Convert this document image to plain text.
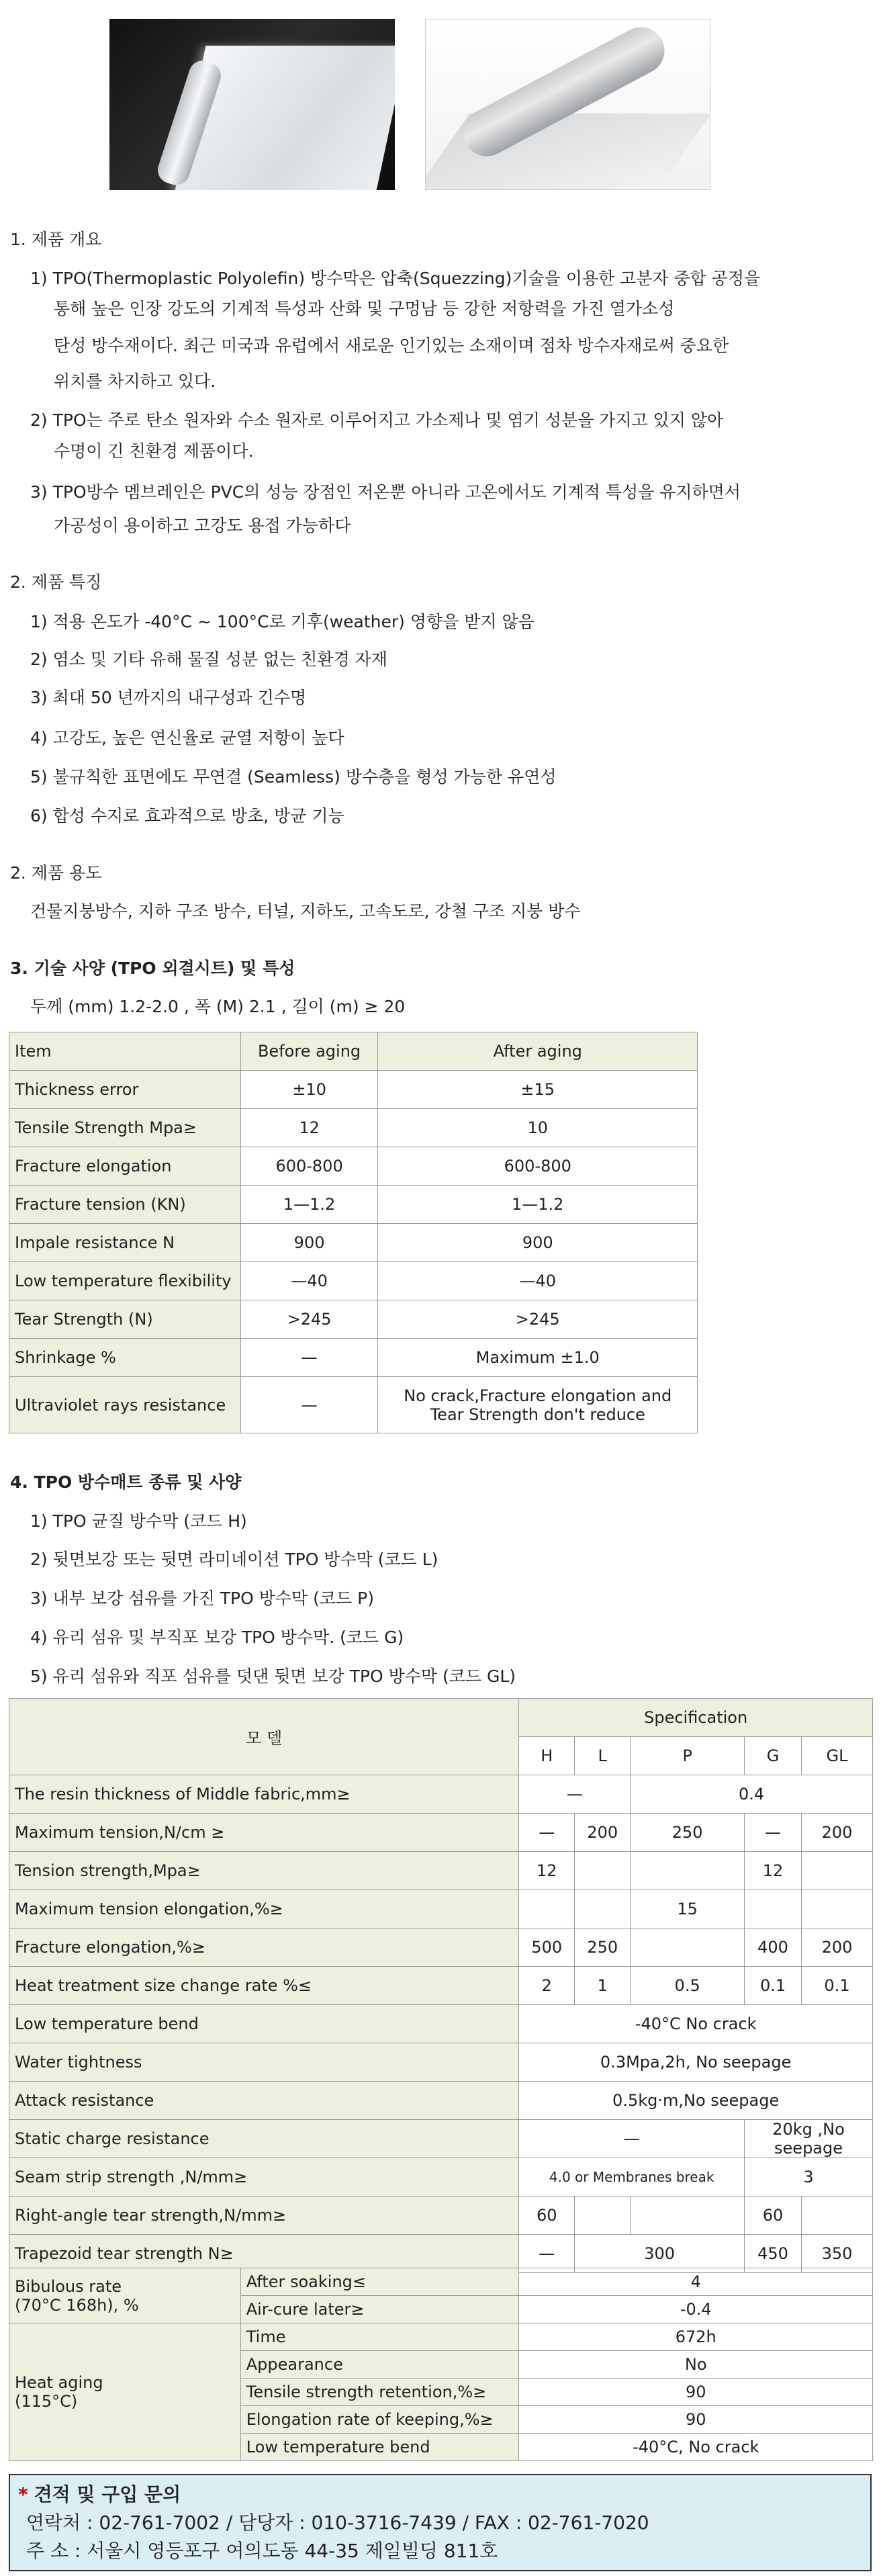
1. 제품 개요
1) TPO(Thermoplastic Polyolefin) 방수막은 압축(Squezzing)기술을 이용한 고분자 중합 공정을
통해 높은 인장 강도의 기계적 특성과 산화 및 구멍남 등 강한 저항력을 가진 열가소성
탄성 방수재이다. 최근 미국과 유럽에서 새로운 인기있는 소재이며 점차 방수자재로써 중요한
위치를 차지하고 있다.
2) TPO는 주로 탄소 원자와 수소 원자로 이루어지고 가소제나 및 염기 성분을 가지고 있지 않아
수명이 긴 친환경 제품이다.
3) TPO방수 멤브레인은 PVC의 성능 장점인 저온뿐 아니라 고온에서도 기계적 특성을 유지하면서
가공성이 용이하고 고강도 용접 가능하다
2. 제품 특징
1) 적용 온도가 -40°C ~ 100°C로 기후(weather) 영향을 받지 않음
2) 염소 및 기타 유해 물질 성분 없는 친환경 자재
3) 최대 50 년까지의 내구성과 긴수명
4) 고강도, 높은 연신율로 균열 저항이 높다
5) 불규칙한 표면에도 무연결 (Seamless) 방수층을 형성 가능한 유연성
6) 합성 수지로 효과적으로 방초, 방균 기능
2. 제품 용도
건물지붕방수, 지하 구조 방수, 터널, 지하도, 고속도로, 강철 구조 지붕 방수
3. 기술 사양 (TPO 외결시트) 및 특성
두께 (mm) 1.2-2.0 , 폭 (M) 2.1 , 길이 (m) ≥ 20
Item	Before aging	After aging
Thickness error	±10	±15
Tensile Strength Mpa≥	12	10
Fracture elongation	600-800	600-800
Fracture tension (KN)	1—1.2	1—1.2
Impale resistance N	900	900
Low temperature flexibility	—40	—40
Tear Strength (N)	>245	>245
Shrinkage %	—	Maximum ±1.0
Ultraviolet rays resistance	—	No crack,Fracture elongation and
Tear Strength don't reduce
4. TPO 방수매트 종류 및 사양
1) TPO 균질 방수막 (코드 H)
2) 뒷면보강 또는 뒷면 라미네이션 TPO 방수막 (코드 L)
3) 내부 보강 섬유를 가진 TPO 방수막 (코드 P)
4) 유리 섬유 및 부직포 보강 TPO 방수막. (코드 G)
5) 유리 섬유와 직포 섬유를 덧댄 뒷면 보강 TPO 방수막 (코드 GL)
모 델	Specification				
	H	L	P	G	GL
The resin thickness of Middle fabric,mm≥	—		0.4		
Maximum tension,N/cm ≥	—	200	250	—	200
Tension strength,Mpa≥	12			12	
Maximum tension elongation,%≥			15		
Fracture elongation,%≥	500	250		400	200
Heat treatment size change rate %≤	2	1	0.5	0.1	0.1
Low temperature bend	-40°C No crack				
Water tightness	0.3Mpa,2h, No seepage				
Attack resistance	0.5kg·m,No seepage				
Static charge resistance	—			20kg ,No seepage	
Seam strip strength ,N/mm≥	4.0 or Membranes break			3	
Right-angle tear strength,N/mm≥	60			60	
Trapezoid tear strength N≥	—	300		450	350
Bibulous rate
(70°C 168h), %	After soaking≤	4
	Air-cure later≥	-0.4

Heat aging
(115°C)	Time	672h
	Appearance	No
	Tensile strength retention,%≥	90
	Elongation rate of keeping,%≥	90
	Low temperature bend	-40°C, No crack
* 견적 및 구입 문의
연락처 : 02-761-7002 / 담당자 : 010-3716-7439 / FAX : 02-761-7020
주 소 : 서울시 영등포구 여의도동 44-35 제일빌딩 811호
